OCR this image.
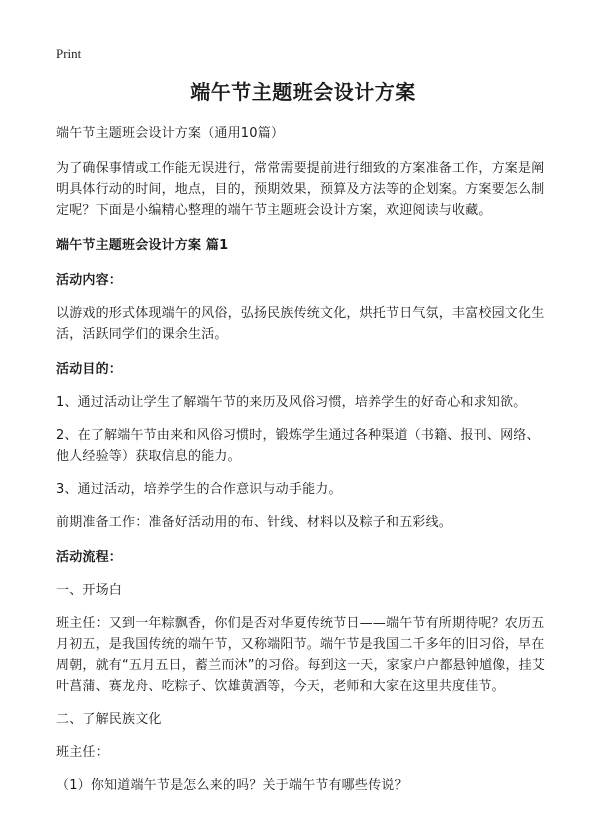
Print
端午节主题班会设计方案

端午节主题班会设计方案（通用10篇）

为了确保事情或工作能无误进行，常常需要提前进行细致的方案准备工作，方案是阐明具体行动的时间，地点，目的，预期效果，预算及方法等的企划案。方案要怎么制定呢？下面是小编精心整理的端午节主题班会设计方案，欢迎阅读与收藏。

端午节主题班会设计方案 篇1

活动内容：

以游戏的形式体现端午的风俗，弘扬民族传统文化，烘托节日气氛，丰富校园文化生活，活跃同学们的课余生活。

活动目的：

1、通过活动让学生了解端午节的来历及风俗习惯，培养学生的好奇心和求知欲。

2、在了解端午节由来和风俗习惯时，锻炼学生通过各种渠道（书籍、报刊、网络、他人经验等）获取信息的能力。

3、通过活动，培养学生的合作意识与动手能力。

前期准备工作：准备好活动用的布、针线、材料以及粽子和五彩线。

活动流程：

一、开场白

班主任：又到一年粽飘香，你们是否对华夏传统节日——端午节有所期待呢？农历五月初五，是我国传统的端午节，又称端阳节。端午节是我国二千多年的旧习俗，早在周朝，就有“五月五日，蓄兰而沐”的习俗。每到这一天，家家户户都悬钟馗像，挂艾叶菖蒲、赛龙舟、吃粽子、饮雄黄酒等，今天，老师和大家在这里共度佳节。

二、了解民族文化

班主任：

（1）你知道端午节是怎么来的吗？关于端午节有哪些传说？
